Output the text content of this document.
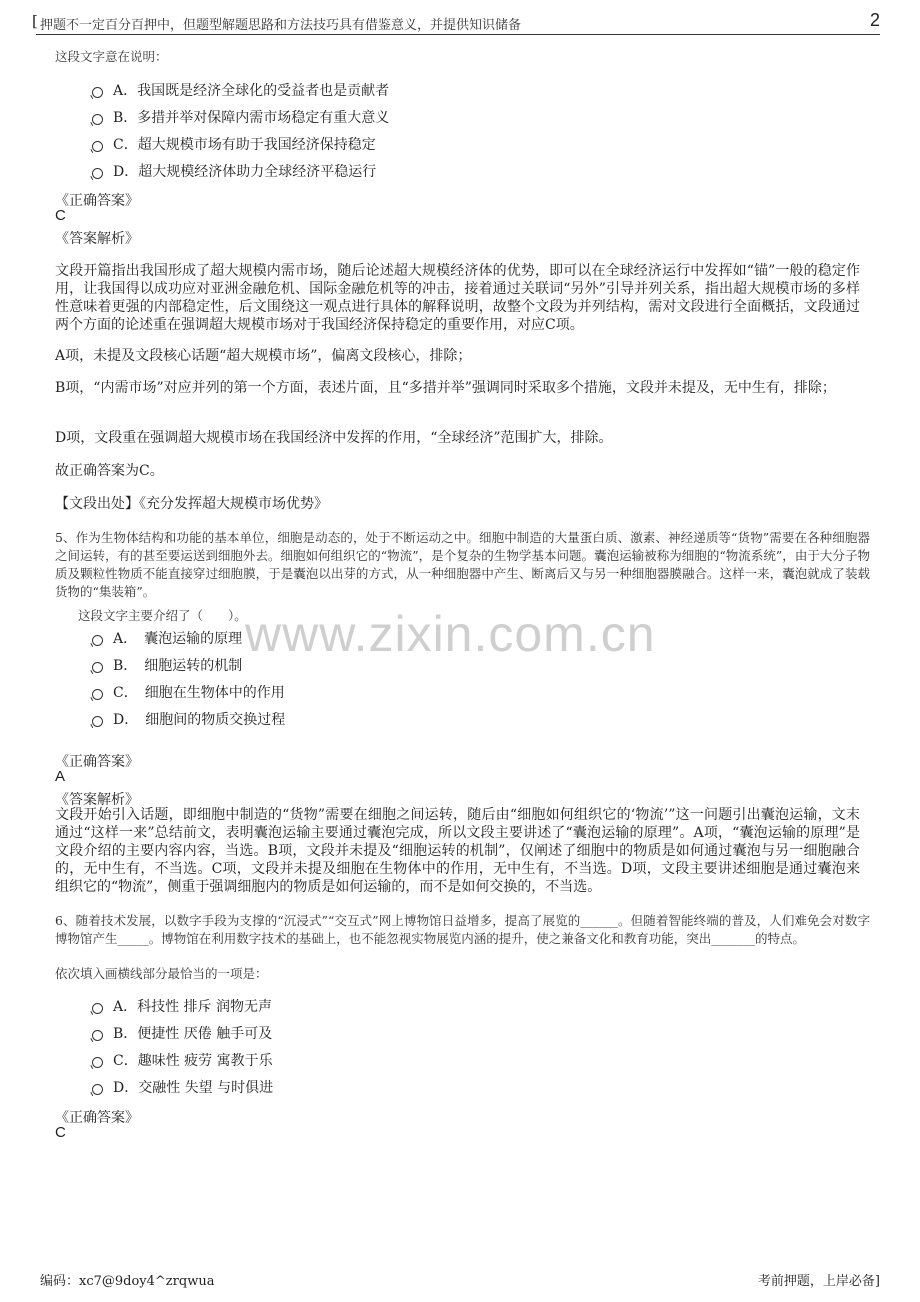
[ 押题不一定百分百押中，但题型解题思路和方法技巧具有借鉴意义，并提供知识储备	2
这段文字意在说明：
A．我国既是经济全球化的受益者也是贡献者
B．多措并举对保障内需市场稳定有重大意义
C．超大规模市场有助于我国经济保持稳定
D．超大规模经济体助力全球经济平稳运行
《正确答案》
C
《答案解析》
文段开篇指出我国形成了超大规模内需市场，随后论述超大规模经济体的优势，即可以在全球经济运行中发挥如“锚”一般的稳定作用，让我国得以成功应对亚洲金融危机、国际金融危机等的冲击，接着通过关联词“另外”引导并列关系，指出超大规模市场的多样性意味着更强的内部稳定性，后文围绕这一观点进行具体的解释说明，故整个文段为并列结构，需对文段进行全面概括，文段通过两个方面的论述重在强调超大规模市场对于我国经济保持稳定的重要作用，对应C项。
A项，未提及文段核心话题“超大规模市场”，偏离文段核心，排除；
B项，“内需市场”对应并列的第一个方面，表述片面，且“多措并举”强调同时采取多个措施，文段并未提及，无中生有，排除；
D项，文段重在强调超大规模市场在我国经济中发挥的作用，“全球经济”范围扩大，排除。
故正确答案为C。
【文段出处】《充分发挥超大规模市场优势》
5、作为生物体结构和功能的基本单位，细胞是动态的，处于不断运动之中。细胞中制造的大量蛋白质、激素、神经递质等“货物”需要在各种细胞器之间运转，有的甚至要运送到细胞外去。细胞如何组织它的“物流”，是个复杂的生物学基本问题。囊泡运输被称为细胞的“物流系统”，由于大分子物质及颗粒性物质不能直接穿过细胞膜，于是囊泡以出芽的方式，从一种细胞器中产生、断离后又与另一种细胞器膜融合。这样一来，囊泡就成了装载货物的“集装箱”。
这段文字主要介绍了（　　）。
www.zixin.com.cn
A．　囊泡运输的原理
B．　细胞运转的机制
C．　细胞在生物体中的作用
D．　细胞间的物质交换过程
《正确答案》
A
《答案解析》
文段开始引入话题，即细胞中制造的“货物”需要在细胞之间运转，随后由“细胞如何组织它的‘物流’”这一问题引出囊泡运输，文末通过“这样一来”总结前文，表明囊泡运输主要通过囊泡完成，所以文段主要讲述了“囊泡运输的原理”。A项，“囊泡运输的原理”是文段介绍的主要内容内容，当选。B项，文段并未提及“细胞运转的机制”，仅阐述了细胞中的物质是如何通过囊泡与另一细胞融合的，无中生有，不当选。C项，文段并未提及细胞在生物体中的作用，无中生有，不当选。D项，文段主要讲述细胞是通过囊泡来组织它的“物流”，侧重于强调细胞内的物质是如何运输的，而不是如何交换的，不当选。
6、随着技术发展，以数字手段为支撑的“沉浸式”“交互式”网上博物馆日益增多，提高了展览的______。但随着智能终端的普及，人们难免会对数字博物馆产生_____。博物馆在利用数字技术的基础上，也不能忽视实物展览内涵的提升，使之兼备文化和教育功能，突出_______的特点。
依次填入画横线部分最恰当的一项是：
A．科技性 排斥 润物无声
B．便捷性 厌倦 触手可及
C．趣味性 疲劳 寓教于乐
D．交融性 失望 与时俱进
《正确答案》
C
编码：xc7@9doy4^zrqwua	考前押题，上岸必备]
